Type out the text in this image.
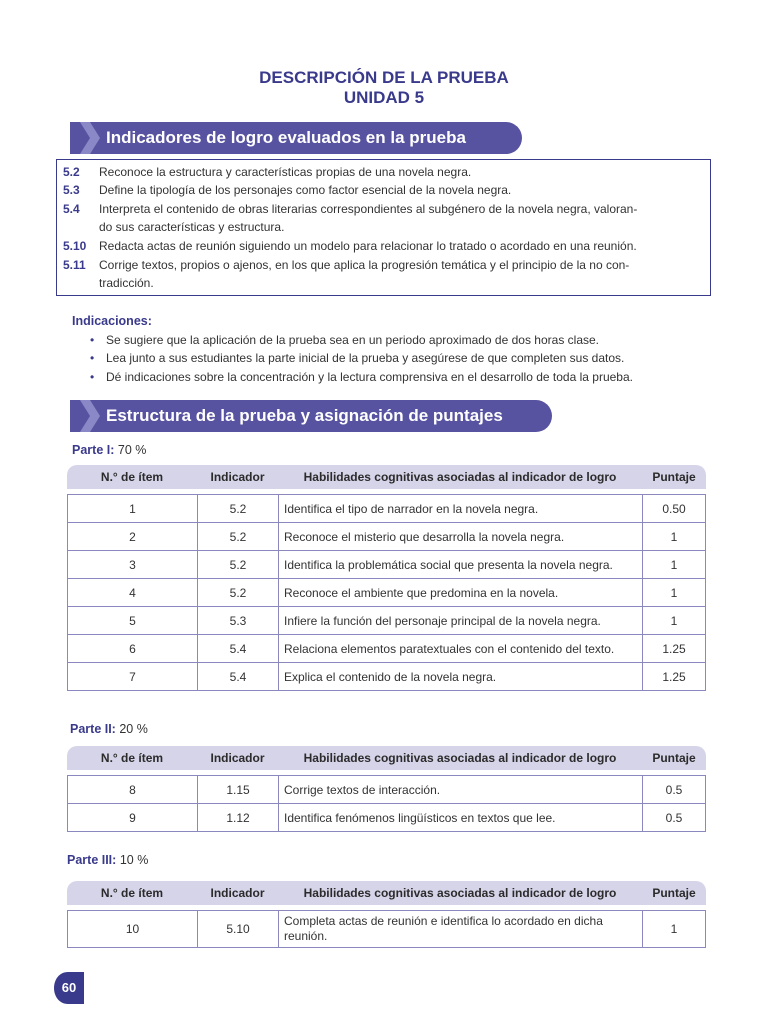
DESCRIPCIÓN DE LA PRUEBA
UNIDAD 5
Indicadores de logro evaluados en la prueba
5.2	Reconoce la estructura y características propias de una novela negra.
5.3	Define la tipología de los personajes como factor esencial de la novela negra.
5.4	Interpreta el contenido de obras literarias correspondientes al subgénero de la novela negra, valoran-
do sus características y estructura.
5.10	Redacta actas de reunión siguiendo un modelo para relacionar lo tratado o acordado en una reunión.
5.11	Corrige textos, propios o ajenos, en los que aplica la progresión temática y el principio de la no con-
tradicción.
Indicaciones:
• Se sugiere que la aplicación de la prueba sea en un periodo aproximado de dos horas clase.
• Lea junto a sus estudiantes la parte inicial de la prueba y asegúrese de que completen sus datos.
• Dé indicaciones sobre la concentración y la lectura comprensiva en el desarrollo de toda la prueba.
Estructura de la prueba y asignación de puntajes
Parte I: 70 %
N.° de ítem	Indicador	Habilidades cognitivas asociadas al indicador de logro	Puntaje

1	5.2	Identifica el tipo de narrador en la novela negra.	0.50
2	5.2	Reconoce el misterio que desarrolla la novela negra.	1
3	5.2	Identifica la problemática social que presenta la novela negra.	1
4	5.2	Reconoce el ambiente que predomina en la novela.	1
5	5.3	Infiere la función del personaje principal de la novela negra.	1
6	5.4	Relaciona elementos paratextuales con el contenido del texto.	1.25
7	5.4	Explica el contenido de la novela negra.	1.25
Parte II: 20 %
N.° de ítem	Indicador	Habilidades cognitivas asociadas al indicador de logro	Puntaje

8	1.15	Corrige textos de interacción.	0.5
9	1.12	Identifica fenómenos lingüísticos en textos que lee.	0.5
Parte III: 10 %
N.° de ítem	Indicador	Habilidades cognitivas asociadas al indicador de logro	Puntaje

10	5.10	Completa actas de reunión e identifica lo acordado en dicha reunión.	1
60
